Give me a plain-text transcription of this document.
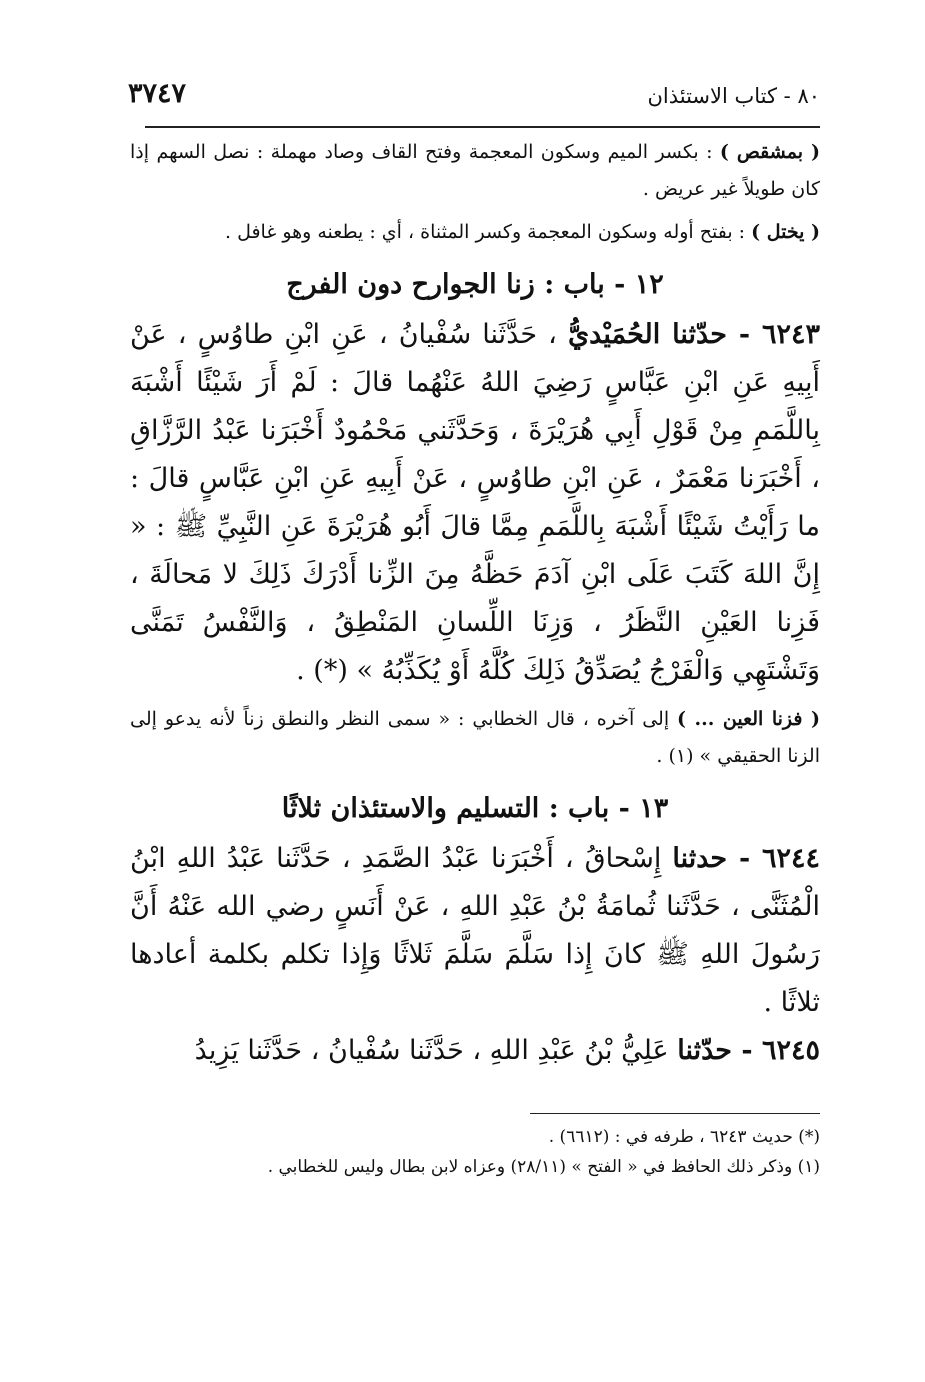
٨٠ - كتاب الاستئذان
٣٧٤٧

( بمشقص ) : بكسر الميم وسكون المعجمة وفتح القاف وصاد مهملة : نصل السهم إذا كان طويلاً غير عريض .

( يختل ) : بفتح أوله وسكون المعجمة وكسر المثناة ، أي : يطعنه وهو غافل .

١٢ - باب : زنا الجوارح دون الفرج

٦٢٤٣ - حدّثنا الحُمَيْديُّ ، حَدَّثَنا سُفْيانُ ، عَنِ ابْنِ طاوُسٍ ، عَنْ أَبِيهِ عَنِ ابْنِ عَبَّاسٍ رَضِيَ اللهُ عَنْهُما قالَ : لَمْ أَرَ شَيْئًا أَشْبَهَ بِاللَّمَمِ مِنْ قَوْلِ أَبِي هُرَيْرَةَ ، وَحَدَّثَني مَحْمُودٌ أَخْبَرَنا عَبْدُ الرَّزَّاقِ ، أَخْبَرَنا مَعْمَرٌ ، عَنِ ابْنِ طاوُسٍ ، عَنْ أَبِيهِ عَنِ ابْنِ عَبَّاسٍ قالَ : ما رَأَيْتُ شَيْئًا أَشْبَهَ بِاللَّمَمِ مِمَّا قالَ أَبُو هُرَيْرَةَ عَنِ النَّبِيِّ ﷺ : « إِنَّ اللهَ كَتَبَ عَلَى ابْنِ آدَمَ حَظَّهُ مِنَ الزِّنا أَدْرَكَ ذَلِكَ لا مَحالَةَ ، فَزِنا العَيْنِ النَّظَرُ ، وَزِنَا اللِّسانِ المَنْطِقُ ، وَالنَّفْسُ تَمَنَّى وَتَشْتَهِي وَالْفَرْجُ يُصَدِّقُ ذَلِكَ كُلَّهُ أَوْ يُكَذِّبُهُ » (*) .

( فزنا العين ... ) إلى آخره ، قال الخطابي : « سمى النظر والنطق زناً لأنه يدعو إلى الزنا الحقيقي » (١) .

١٣ - باب : التسليم والاستئذان ثلاثًا

٦٢٤٤ - حدثنا إِسْحاقُ ، أَخْبَرَنا عَبْدُ الصَّمَدِ ، حَدَّثَنا عَبْدُ اللهِ ابْنُ الْمُثَنَّى ، حَدَّثَنا ثُمامَةُ بْنُ عَبْدِ اللهِ ، عَنْ أَنَسٍ رضي الله عَنْهُ أَنَّ رَسُولَ اللهِ ﷺ كانَ إِذا سَلَّمَ سَلَّمَ ثَلاثًا وَإِذا تكلم بكلمة أعادها ثلاثًا .

٦٢٤٥ - حدّثنا عَلِيُّ بْنُ عَبْدِ اللهِ ، حَدَّثَنا سُفْيانُ ، حَدَّثَنا يَزِيدُ

(*) حديث ٦٢٤٣ ، طرفه في : (٦٦١٢) .

(١) وذكر ذلك الحافظ في « الفتح » (٢٨/١١) وعزاه لابن بطال وليس للخطابي .
